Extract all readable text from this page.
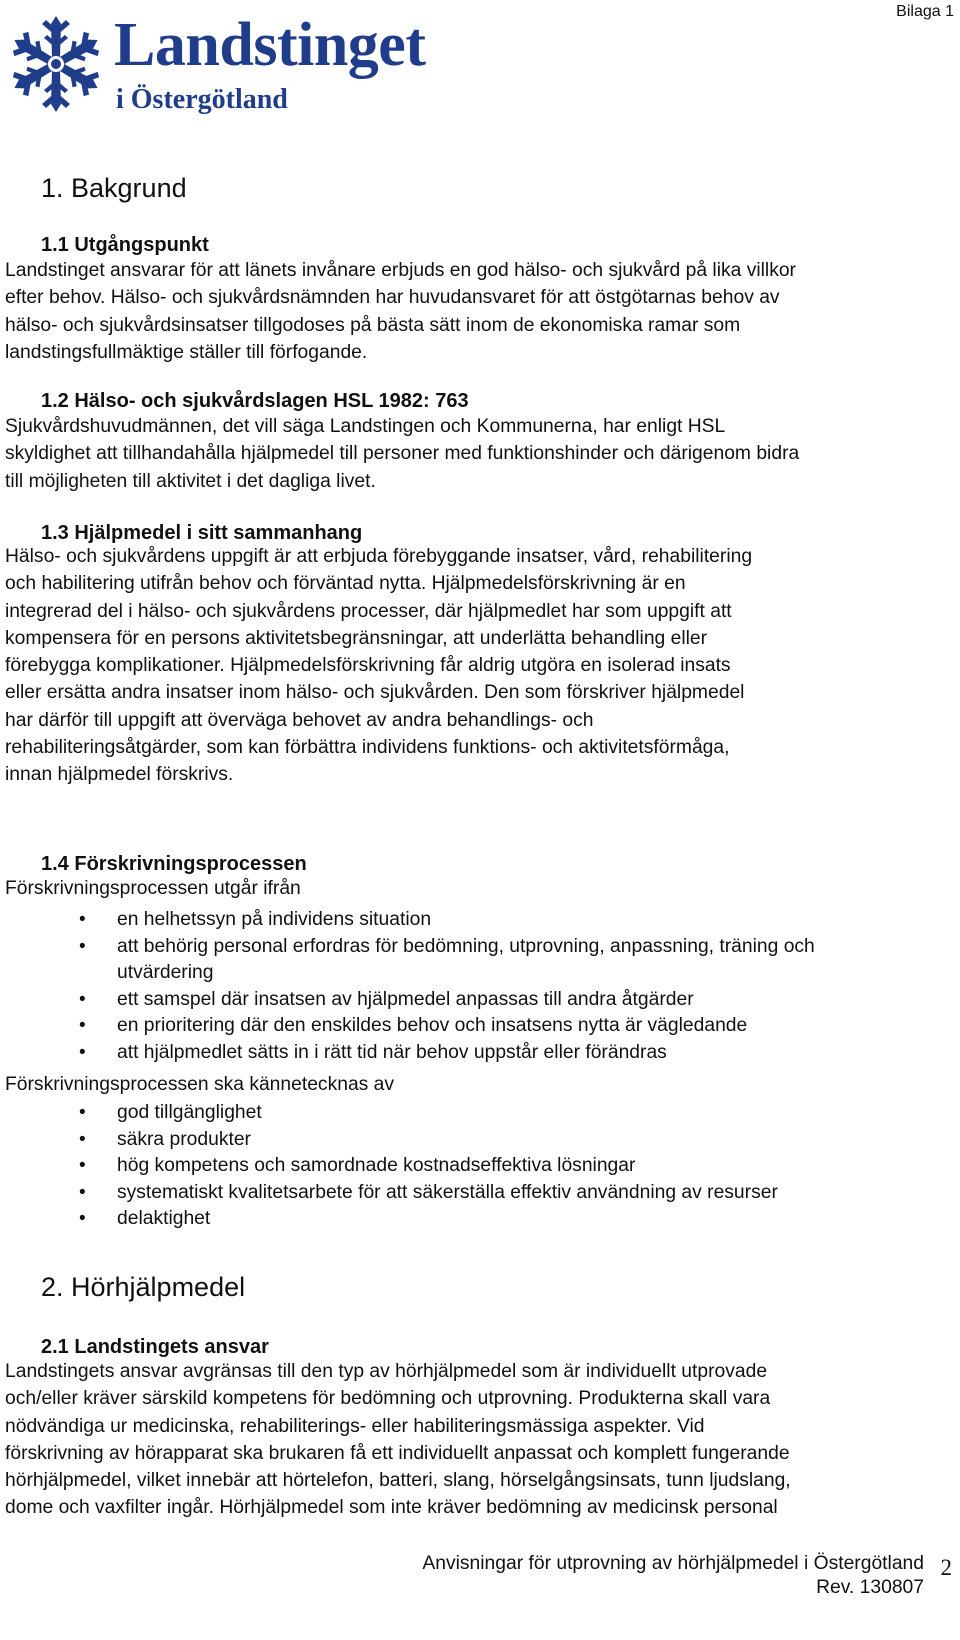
Bilaga 1
Landstinget
i Östergötland
1. Bakgrund
1.1 Utgångspunkt

Landstinget ansvarar för att länets invånare erbjuds en god hälso- och sjukvård på lika villkor
efter behov. Hälso- och sjukvårdsnämnden har huvudansvaret för att östgötarnas behov av
hälso- och sjukvårdsinsatser tillgodoses på bästa sätt inom de ekonomiska ramar som
landstingsfullmäktige ställer till förfogande.

1.2 Hälso- och sjukvårdslagen HSL 1982: 763

Sjukvårdshuvudmännen, det vill säga Landstingen och Kommunerna, har enligt HSL
skyldighet att tillhandahålla hjälpmedel till personer med funktionshinder och därigenom bidra
till möjligheten till aktivitet i det dagliga livet.

1.3 Hjälpmedel i sitt sammanhang

Hälso- och sjukvårdens uppgift är att erbjuda förebyggande insatser, vård, rehabilitering
och habilitering utifrån behov och förväntad nytta. Hjälpmedelsförskrivning är en
integrerad del i hälso- och sjukvårdens processer, där hjälpmedlet har som uppgift att
kompensera för en persons aktivitetsbegränsningar, att underlätta behandling eller
förebygga komplikationer. Hjälpmedelsförskrivning får aldrig utgöra en isolerad insats
eller ersätta andra insatser inom hälso- och sjukvården. Den som förskriver hjälpmedel
har därför till uppgift att överväga behovet av andra behandlings- och
rehabiliteringsåtgärder, som kan förbättra individens funktions- och aktivitetsförmåga,
innan hjälpmedel förskrivs.

1.4 Förskrivningsprocessen

Förskrivningsprocessen utgår ifrån

• en helhetssyn på individens situation
• att behörig personal erfordras för bedömning, utprovning, anpassning, träning och
utvärdering
• ett samspel där insatsen av hjälpmedel anpassas till andra åtgärder
• en prioritering där den enskildes behov och insatsens nytta är vägledande
• att hjälpmedlet sätts in i rätt tid när behov uppstår eller förändras

Förskrivningsprocessen ska kännetecknas av

• god tillgänglighet
• säkra produkter
• hög kompetens och samordnade kostnadseffektiva lösningar
• systematiskt kvalitetsarbete för att säkerställa effektiv användning av resurser
• delaktighet
2. Hörhjälpmedel
2.1 Landstingets ansvar

Landstingets ansvar avgränsas till den typ av hörhjälpmedel som är individuellt utprovade
och/eller kräver särskild kompetens för bedömning och utprovning. Produkterna skall vara
nödvändiga ur medicinska, rehabiliterings- eller habiliteringsmässiga aspekter. Vid
förskrivning av hörapparat ska brukaren få ett individuellt anpassat och komplett fungerande
hörhjälpmedel, vilket innebär att hörtelefon, batteri, slang, hörselgångsinsats, tunn ljudslang,
dome och vaxfilter ingår. Hörhjälpmedel som inte kräver bedömning av medicinsk personal

Anvisningar för utprovning av hörhjälpmedel i Östergötland
Rev. 130807
2
